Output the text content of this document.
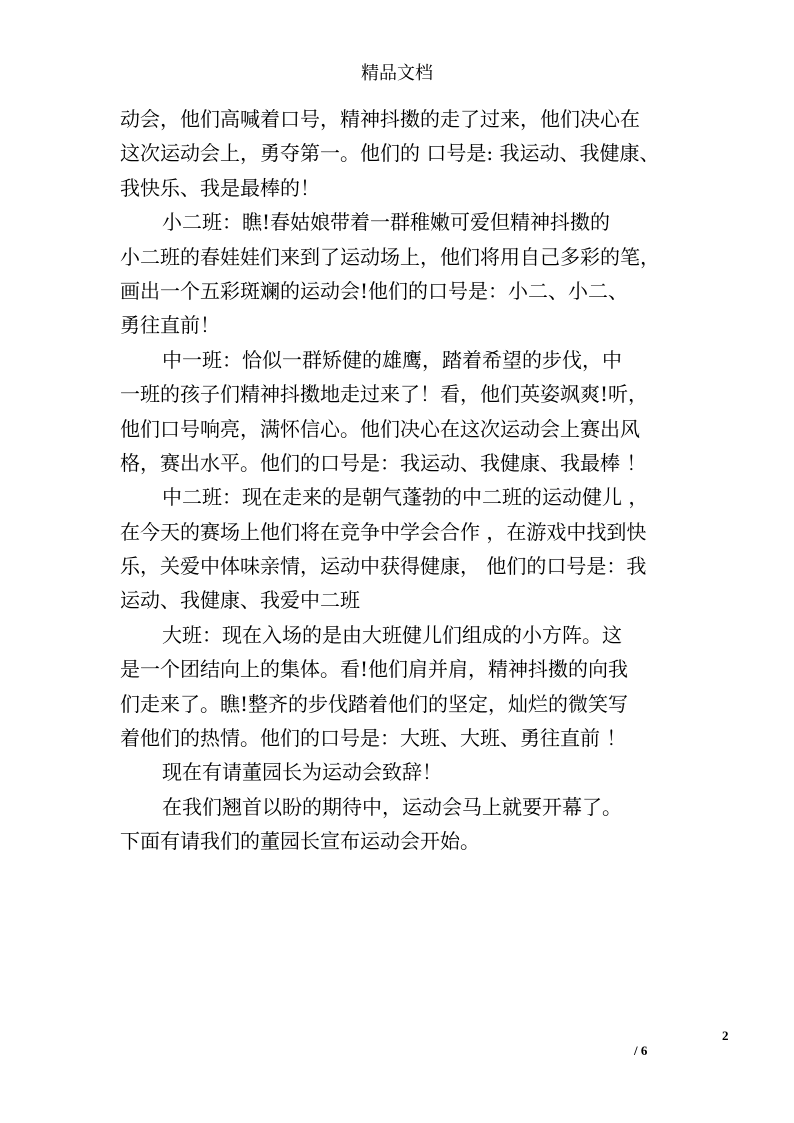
精品文档
动会，他们高喊着口号，精神抖擞的走了过来，他们决心在
这次运动会上，勇夺第一。他们的 口号是: 我运动、我健康、
我快乐、我是最棒的！
小二班：瞧!春姑娘带着一群稚嫩可爱但精神抖擞的
小二班的春娃娃们来到了运动场上，他们将用自己多彩的笔，
画出一个五彩斑斓的运动会!他们的口号是：小二、小二、
勇往直前！
中一班：恰似一群矫健的雄鹰，踏着希望的步伐，中
一班的孩子们精神抖擞地走过来了！看，他们英姿飒爽!听，
他们口号响亮，满怀信心。他们决心在这次运动会上赛出风
格，赛出水平。他们的口号是：我运动、我健康、我最棒 ！
中二班：现在走来的是朝气蓬勃的中二班的运动健儿 ，
在今天的赛场上他们将在竞争中学会合作 ，在游戏中找到快
乐，关爱中体味亲情，运动中获得健康， 他们的口号是：我
运动、我健康、我爱中二班
大班：现在入场的是由大班健儿们组成的小方阵。这
是一个团结向上的集体。看!他们肩并肩，精神抖擞的向我
们走来了。瞧!整齐的步伐踏着他们的坚定，灿烂的微笑写
着他们的热情。他们的口号是：大班、大班、勇往直前 ！
现在有请董园长为运动会致辞！
在我们翘首以盼的期待中，运动会马上就要开幕了。
下面有请我们的董园长宣布运动会开始。
2
/ 6
